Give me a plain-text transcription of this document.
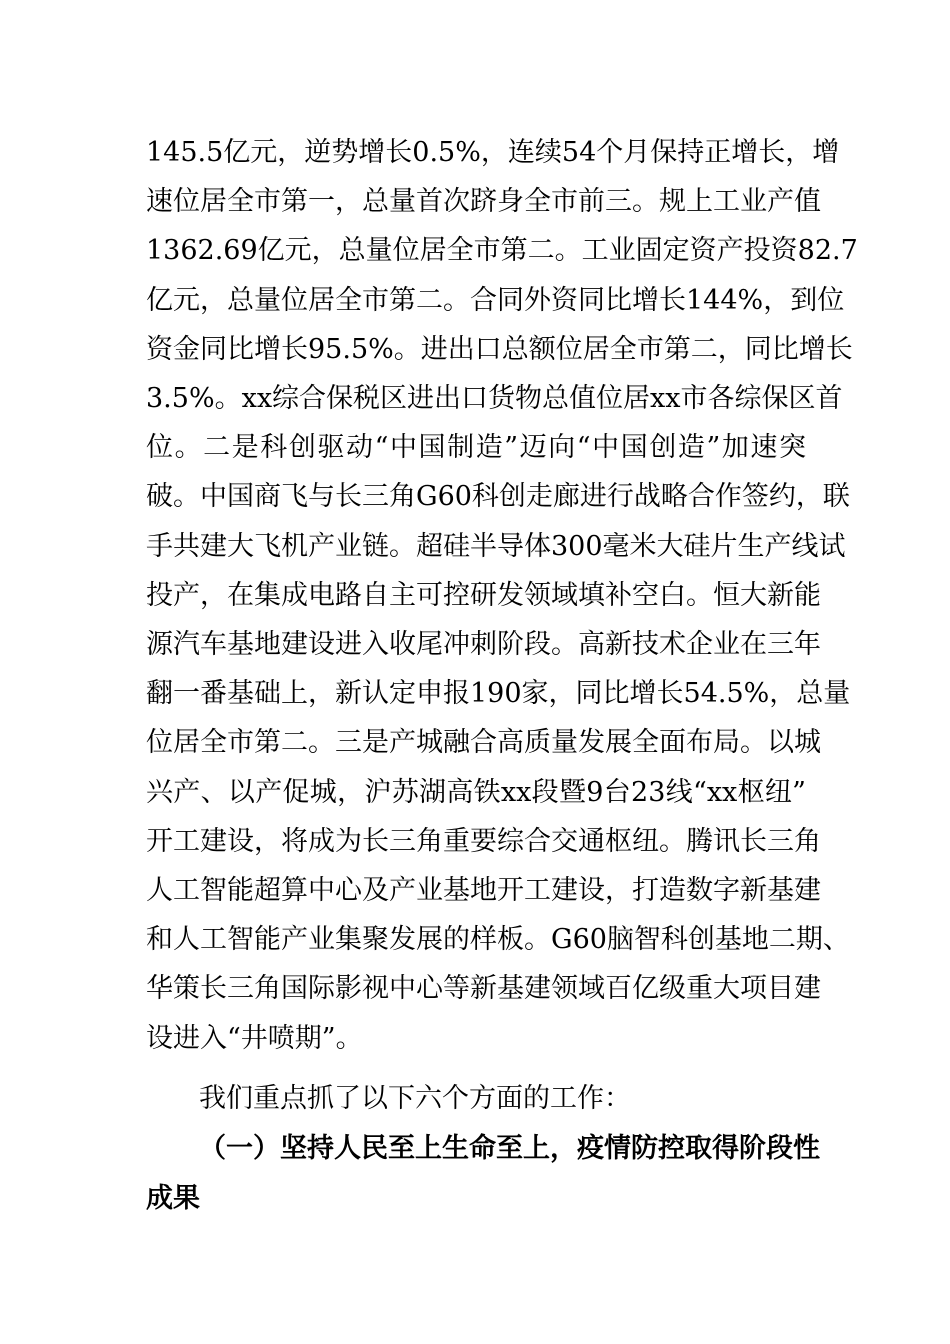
145.5亿元，逆势增长0.5%，连续54个月保持正增长，增
速位居全市第一，总量首次跻身全市前三。规上工业产值
1362.69亿元，总量位居全市第二。工业固定资产投资82.7
亿元，总量位居全市第二。合同外资同比增长144%，到位
资金同比增长95.5%。进出口总额位居全市第二，同比增长
3.5%。xx综合保税区进出口货物总值位居xx市各综保区首
位。二是科创驱动“中国制造”迈向“中国创造”加速突
破。中国商飞与长三角G60科创走廊进行战略合作签约，联
手共建大飞机产业链。超硅半导体300毫米大硅片生产线试
投产，在集成电路自主可控研发领域填补空白。恒大新能
源汽车基地建设进入收尾冲刺阶段。高新技术企业在三年
翻一番基础上，新认定申报190家，同比增长54.5%，总量
位居全市第二。三是产城融合高质量发展全面布局。以城
兴产、以产促城，沪苏湖高铁xx段暨9台23线“xx枢纽”
开工建设，将成为长三角重要综合交通枢纽。腾讯长三角
人工智能超算中心及产业基地开工建设，打造数字新基建
和人工智能产业集聚发展的样板。G60脑智科创基地二期、
华策长三角国际影视中心等新基建领域百亿级重大项目建
设进入“井喷期”。
我们重点抓了以下六个方面的工作：
（一）坚持人民至上生命至上，疫情防控取得阶段性
成果
